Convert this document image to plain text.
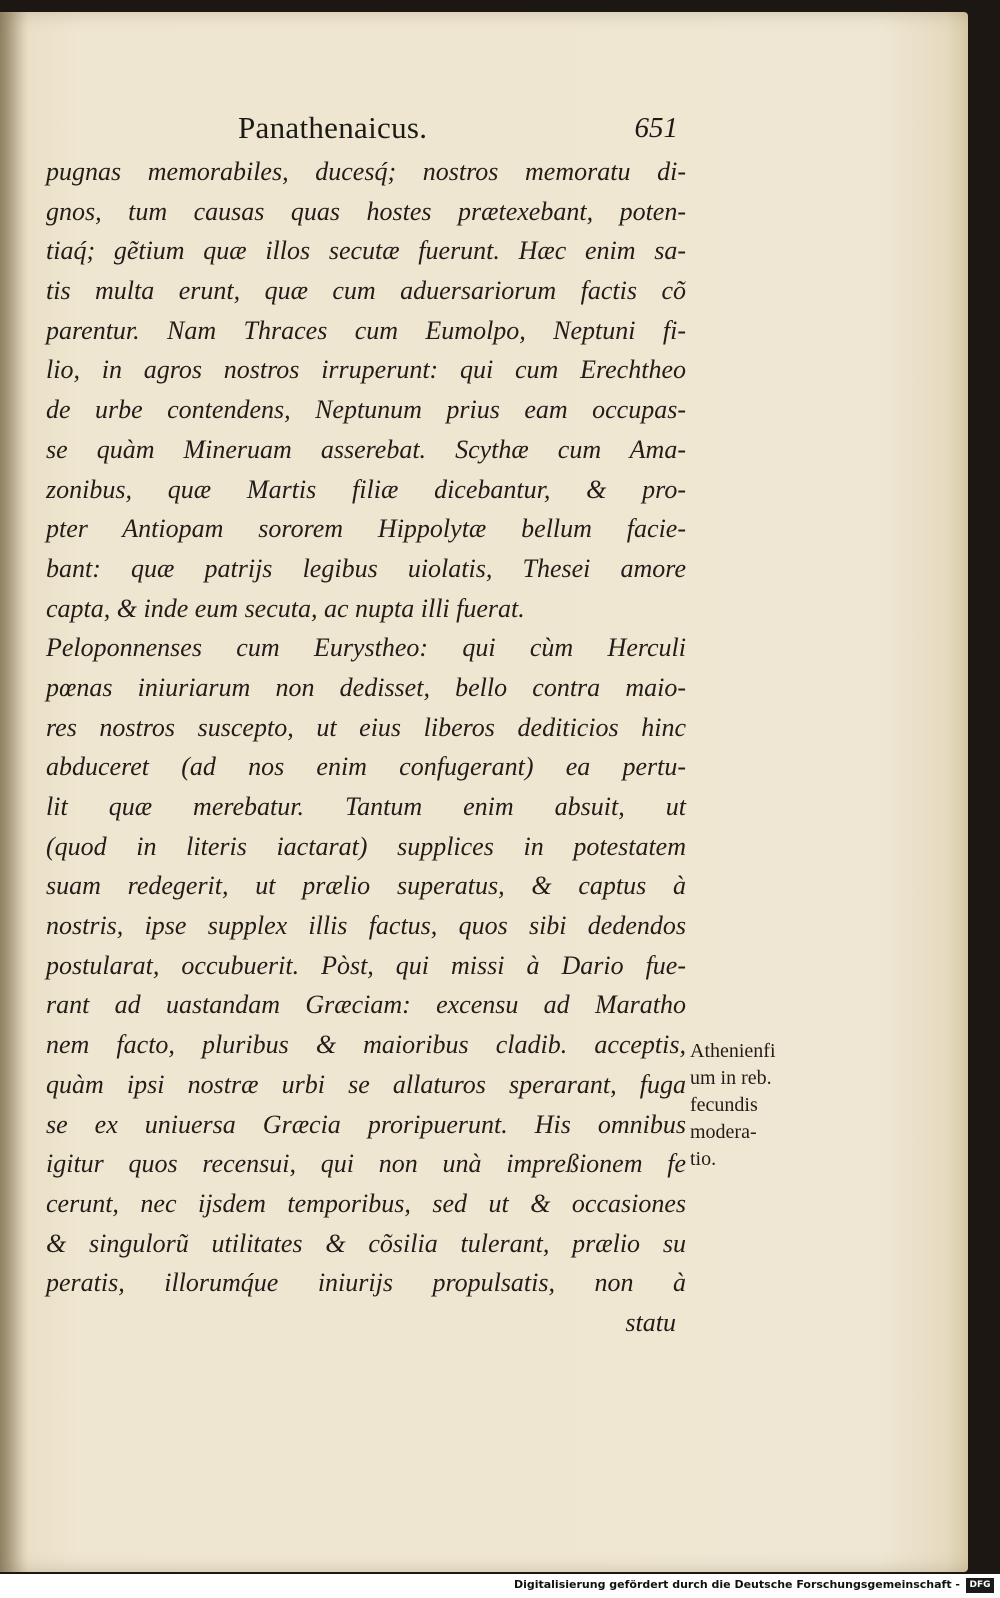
Panathenaicus.	651
pugnas memorabiles, ducesq́; nostros memoratu di-
gnos, tum causas quas hostes prætexebant, poten-
tiaq́; gẽtium quæ illos secutæ fuerunt. Hæc enim sa-
tis multa erunt, quæ cum aduersariorum factis cõ
parentur. Nam Thraces cum Eumolpo, Neptuni fi-
lio, in agros nostros irruperunt: qui cum Erechtheo
de urbe contendens, Neptunum prius eam occupas-
se quàm Mineruam asserebat. Scythæ cum Ama-
zonibus, quæ Martis filiæ dicebantur, & pro-
pter Antiopam sororem Hippolytæ bellum facie-
bant: quæ patrijs legibus uiolatis, Thesei amore
capta, & inde eum secuta, ac nupta illi fuerat.
Peloponnenses cum Eurystheo: qui cùm Herculi
pœnas iniuriarum non dedisset, bello contra maio-
res nostros suscepto, ut eius liberos dediticios hinc
abduceret (ad nos enim confugerant) ea pertu-
lit quæ merebatur. Tantum enim absuit, ut
(quod in literis iactarat) supplices in potestatem
suam redegerit, ut prælio superatus, & captus à
nostris, ipse supplex illis factus, quos sibi dedendos
postularat, occubuerit. Pòst, qui missi à Dario fue-
rant ad uastandam Græciam: excensu ad Maratho
nem facto, pluribus & maioribus cladib. acceptis,
quàm ipsi nostræ urbi se allaturos sperarant, fuga
se ex uniuersa Græcia proripuerunt. His omnibus
igitur quos recensui, qui non unà impreßionem fe
cerunt, nec ijsdem temporibus, sed ut & occasiones
& singulorũ utilitates & cõsilia tulerant, prælio su
peratis, illorumq́ue iniurijs propulsatis, non à
statu
Athenienfi
um in reb.
fecundis
modera-
tio.
Digitalisierung gefördert durch die Deutsche Forschungsgemeinschaft -	DFG
